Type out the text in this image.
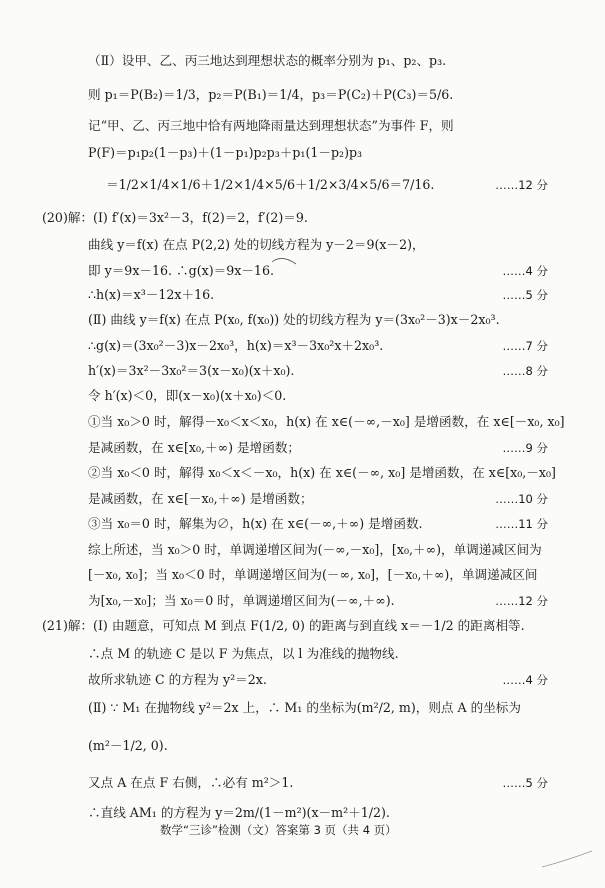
（Ⅱ）设甲、乙、丙三地达到理想状态的概率分别为 p₁、p₂、p₃.
则 p₁＝P(B₂)＝1/3，p₂＝P(B₁)＝1/4，p₃＝P(C₂)＋P(C₃)＝5/6.
记“甲、乙、丙三地中恰有两地降雨量达到理想状态”为事件 F，则
P(F)＝p₁p₂(1－p₃)＋(1－p₁)p₂p₃＋p₁(1－p₂)p₃
＝1/2×1/4×1/6＋1/2×1/4×5/6＋1/2×3/4×5/6＝7/16.	……12 分
(20)解：(Ⅰ) f′(x)＝3x²－3，f(2)＝2，f′(2)＝9.
曲线 y＝f(x) 在点 P(2,2) 处的切线方程为 y－2＝9(x－2)，
即 y＝9x－16. ∴g(x)＝9x－16.	……4 分
∴h(x)＝x³－12x＋16.	……5 分
(Ⅱ) 曲线 y＝f(x) 在点 P(x₀, f(x₀)) 处的切线方程为 y＝(3x₀²－3)x－2x₀³.
∴g(x)＝(3x₀²－3)x－2x₀³，h(x)＝x³－3x₀²x＋2x₀³.	……7 分
h′(x)＝3x²－3x₀²＝3(x－x₀)(x＋x₀).	……8 分
令 h′(x)＜0，即(x－x₀)(x＋x₀)＜0.
①当 x₀＞0 时，解得－x₀＜x＜x₀，h(x) 在 x∈(－∞,－x₀] 是增函数，在 x∈[－x₀, x₀]
是减函数，在 x∈[x₀,＋∞) 是增函数；	……9 分
②当 x₀＜0 时，解得 x₀＜x＜－x₀，h(x) 在 x∈(－∞, x₀] 是增函数，在 x∈[x₀,－x₀]
是减函数，在 x∈[－x₀,＋∞) 是增函数；	……10 分
③当 x₀＝0 时，解集为∅，h(x) 在 x∈(－∞,＋∞) 是增函数.	……11 分
综上所述，当 x₀＞0 时，单调递增区间为(－∞,－x₀]，[x₀,＋∞)，单调递减区间为
[－x₀, x₀]；当 x₀＜0 时，单调递增区间为(－∞, x₀]，[－x₀,＋∞)，单调递减区间
为[x₀,－x₀]；当 x₀＝0 时，单调递增区间为(－∞,＋∞).	……12 分
(21)解：(Ⅰ) 由题意，可知点 M 到点 F(1/2, 0) 的距离与到直线 x＝－1/2 的距离相等.
∴点 M 的轨迹 C 是以 F 为焦点，以 l 为准线的抛物线.
故所求轨迹 C 的方程为 y²＝2x.	……4 分
(Ⅱ) ∵ M₁ 在抛物线 y²＝2x 上，∴ M₁ 的坐标为(m²/2, m)，则点 A 的坐标为
(m²－1/2, 0).
又点 A 在点 F 右侧，∴必有 m²＞1.	……5 分
∴直线 AM₁ 的方程为 y＝2m/(1－m²)(x－m²＋1/2).
数学“三诊”检测（文）答案第 3 页（共 4 页）
